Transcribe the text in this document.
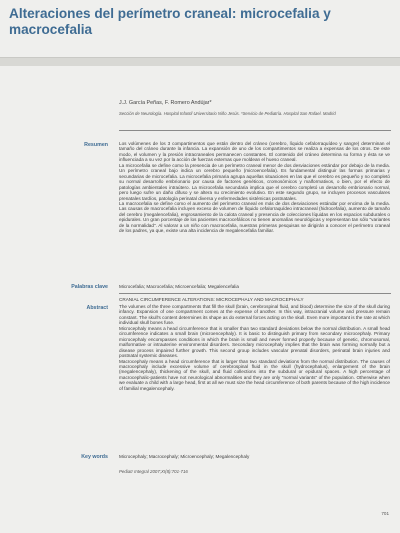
Alteraciones del perímetro craneal: microcefalia y macrocefalia
J.J. García Peñas, F. Romero Andújar*
Sección de Neurología. Hospital Infantil Universitario Niño Jesús. *Servicio de Pediatría. Hospital San Rafael. Madrid
Resumen Los volúmenes de los 3 compartimentos que están dentro del cráneo (cerebro, líquido cefalorraquídeo y sangre) determinan el tamaño del cráneo durante la infancia. La expansión de uno de los compartimentos se realiza a expensas de los otros. De este modo, el volumen y la presión intracraneales permanecen constantes. El contenido del cráneo determina su forma y ésta se ve influenciada a su vez por la acción de fuerzas externas que moldean el hueso craneal.

La microcefalia se define como la presencia de un perímetro craneal menor de dos desviaciones estándar por debajo de la media. Un perímetro craneal bajo indica un cerebro pequeño (microencefalia). Es fundamental distinguir las formas primarias y secundarias de microcefalia. La microcefalia primaria agrupa aquellas situaciones en las que el cerebro es pequeño y no completó su normal desarrollo embrionario por causa de factores genéticos, cromosómicos y malformativos, o bien, por el efecto de patologías ambientales intraútero. La microcefalia secundaria implica que el cerebro completó un desarrollo embrionario normal, pero luego sufre un daño difuso y se altera su crecimiento evolutivo. En este segundo grupo, se incluyen procesos vasculares prenatales tardíos, patología perinatal diversa y enfermedades sistémicas postnatales.

La macrocefalia se define como el aumento del perímetro craneal en más de dos desviaciones estándar por encima de la media. Las causas de macrocefalia incluyen exceso de volumen de líquido cefalorraquídeo intracraneal (hidrocefalia), aumento de tamaño del cerebro (megalencefalia), engrosamiento de la calota craneal y presencia de colecciones líquidas en los espacios subdurales o epidurales. Un gran porcentaje de los pacientes macrocefálicos no tienen anomalías neurológicas y representan tan sólo "variantes de la normalidad". Al valorar a un niño con macrocefalia, nuestras primeras pesquisas se dirigirán a conocer el perímetro craneal de los padres, ya que, existe una alta incidencia de megalencefalia familiar.

Palabras clave Microcefalia; Macrocefalia; Microencefalia; Megalencefalia
CRANIAL CIRCUMFERENCE ALTERATIONS: MICROCEPHALY AND MACROCEPHALY
Abstract The volumes of the three compartments that fill the skull (brain, cerebrospinal fluid, and blood) determine the size of the skull during infancy. Expansion of one compartment comes at the expense of another. In this way, intracranial volume and pressure remain constant. The skull's content determines its shape as do external forces acting on the skull. Even more important is the rate at which individual skull bones fuse.

Microcephaly means a head circumference that is smaller than two standard deviations below the normal distribution. A small head circumference indicates a small brain (microencephaly). It is basic to distinguish primary from secondary microcephaly. Primary microcephaly encompasses conditions in which the brain is small and never formed properly because of genetic, chromosomal, malformative or intrauterine environmental disorders. Secondary microcephaly implies that the brain was forming normally but a disease process impaired further growth. This second group includes vascular prenatal disorders, perinatal brain injuries and postnatal systemic diseases.

Macrocephaly means a head circumference that is larger than two standard deviations from the normal distribution. The causes of macrocephaly include excessive volume of cerebrospinal fluid in the skull (hydrocephalus), enlargement of the brain (megalencephaly), thickening of the skull, and fluid collections into the subdural or epidural spaces. A high percentage of macrocephalic-patients have not neurological abnormalities and they are only "normal variants" of the population. Otherwise when we evaluate a child with a large head, first at all we must size the head circumference of both parents because of the high incidence of familial megalencephaly.

Key words Microcephaly; Macrocephaly; Microencephaly; Megalencephaly
Pediatr Integral 2007;XI(8):701-716
701
